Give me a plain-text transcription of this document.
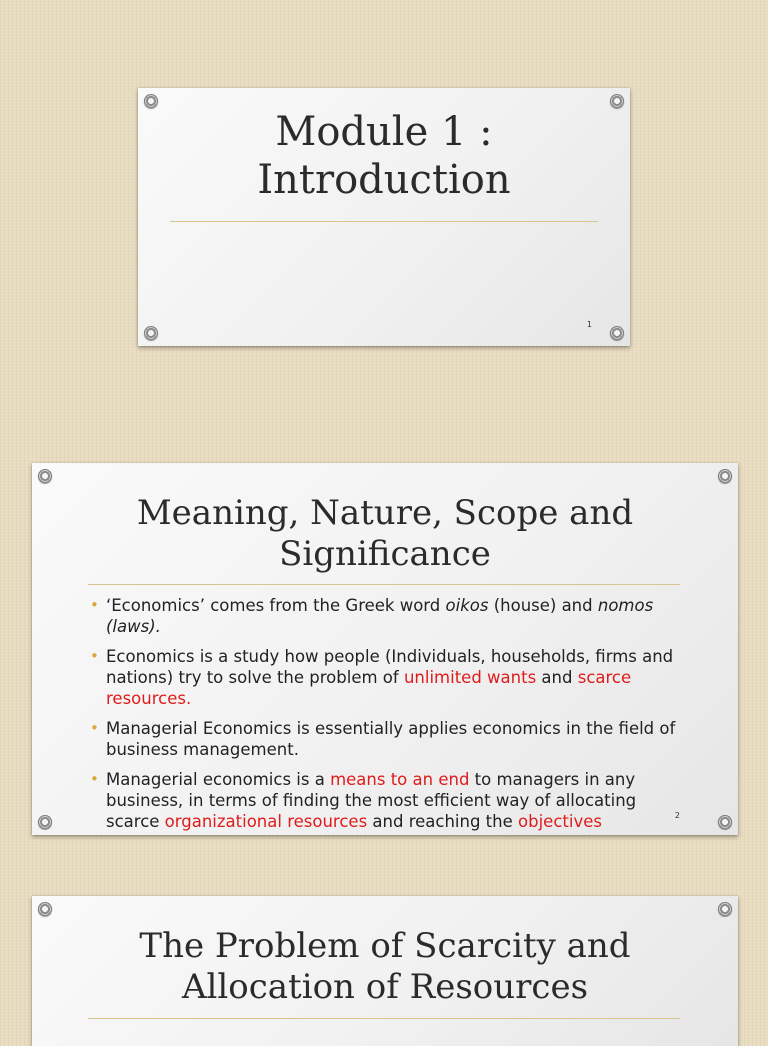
Module 1 :
Introduction
1
Meaning, Nature, Scope and
Significance
• ‘Economics’ comes from the Greek word oikos (house) and nomos (laws).
• Economics is a study how people (Individuals, households, firms and nations) try to solve the problem of unlimited wants and scarce resources.
• Managerial Economics is essentially applies economics in the field of business management.
• Managerial economics is a means to an end to managers in any business, in terms of finding the most efficient way of allocating scarce organizational resources and reaching the objectives	2
The Problem of Scarcity and
Allocation of Resources
